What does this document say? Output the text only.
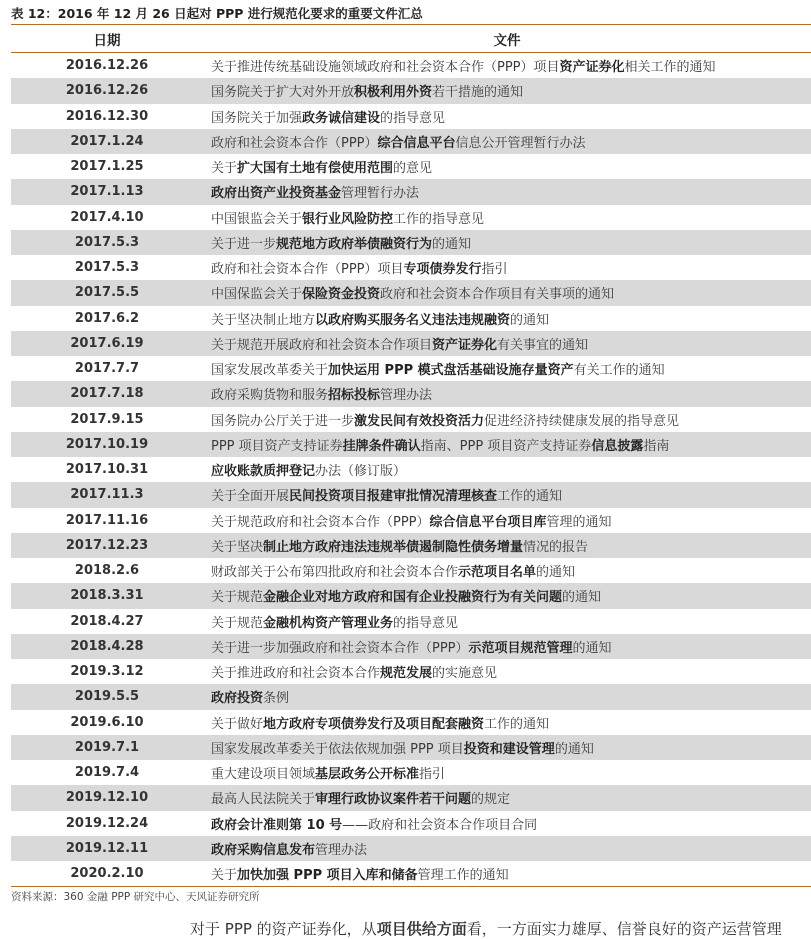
表 12：2016 年 12 月 26 日起对 PPP 进行规范化要求的重要文件汇总
日期	文件
2016.12.26	关于推进传统基础设施领域政府和社会资本合作（PPP）项目资产证券化相关工作的通知
2016.12.26	国务院关于扩大对外开放积极利用外资若干措施的通知
2016.12.30	国务院关于加强政务诚信建设的指导意见
2017.1.24	政府和社会资本合作（PPP）综合信息平台信息公开管理暂行办法
2017.1.25	关于扩大国有土地有偿使用范围的意见
2017.1.13	政府出资产业投资基金管理暂行办法
2017.4.10	中国银监会关于银行业风险防控工作的指导意见
2017.5.3	关于进一步规范地方政府举债融资行为的通知
2017.5.3	政府和社会资本合作（PPP）项目专项债券发行指引
2017.5.5	中国保监会关于保险资金投资政府和社会资本合作项目有关事项的通知
2017.6.2	关于坚决制止地方以政府购买服务名义违法违规融资的通知
2017.6.19	关于规范开展政府和社会资本合作项目资产证券化有关事宜的通知
2017.7.7	国家发展改革委关于加快运用 PPP 模式盘活基础设施存量资产有关工作的通知
2017.7.18	政府采购货物和服务招标投标管理办法
2017.9.15	国务院办公厅关于进一步激发民间有效投资活力促进经济持续健康发展的指导意见
2017.10.19	PPP 项目资产支持证券挂牌条件确认指南、PPP 项目资产支持证券信息披露指南
2017.10.31	应收账款质押登记办法（修订版）
2017.11.3	关于全面开展民间投资项目报建审批情况清理核查工作的通知
2017.11.16	关于规范政府和社会资本合作（PPP）综合信息平台项目库管理的通知
2017.12.23	关于坚决制止地方政府违法违规举债遏制隐性债务增量情况的报告
2018.2.6	财政部关于公布第四批政府和社会资本合作示范项目名单的通知
2018.3.31	关于规范金融企业对地方政府和国有企业投融资行为有关问题的通知
2018.4.27	关于规范金融机构资产管理业务的指导意见
2018.4.28	关于进一步加强政府和社会资本合作（PPP）示范项目规范管理的通知
2019.3.12	关于推进政府和社会资本合作规范发展的实施意见
2019.5.5	政府投资条例
2019.6.10	关于做好地方政府专项债券发行及项目配套融资工作的通知
2019.7.1	国家发展改革委关于依法依规加强 PPP 项目投资和建设管理的通知
2019.7.4	重大建设项目领域基层政务公开标准指引
2019.12.10	最高人民法院关于审理行政协议案件若干问题的规定
2019.12.24	政府会计准则第 10 号——政府和社会资本合作项目合同
2019.12.11	政府采购信息发布管理办法
2020.2.10	关于加快加强 PPP 项目入库和储备管理工作的通知
资料来源：360 金融 PPP 研究中心、天风证券研究所
对于 PPP 的资产证券化，从项目供给方面看，一方面实力雄厚、信誉良好的资产运营管理
